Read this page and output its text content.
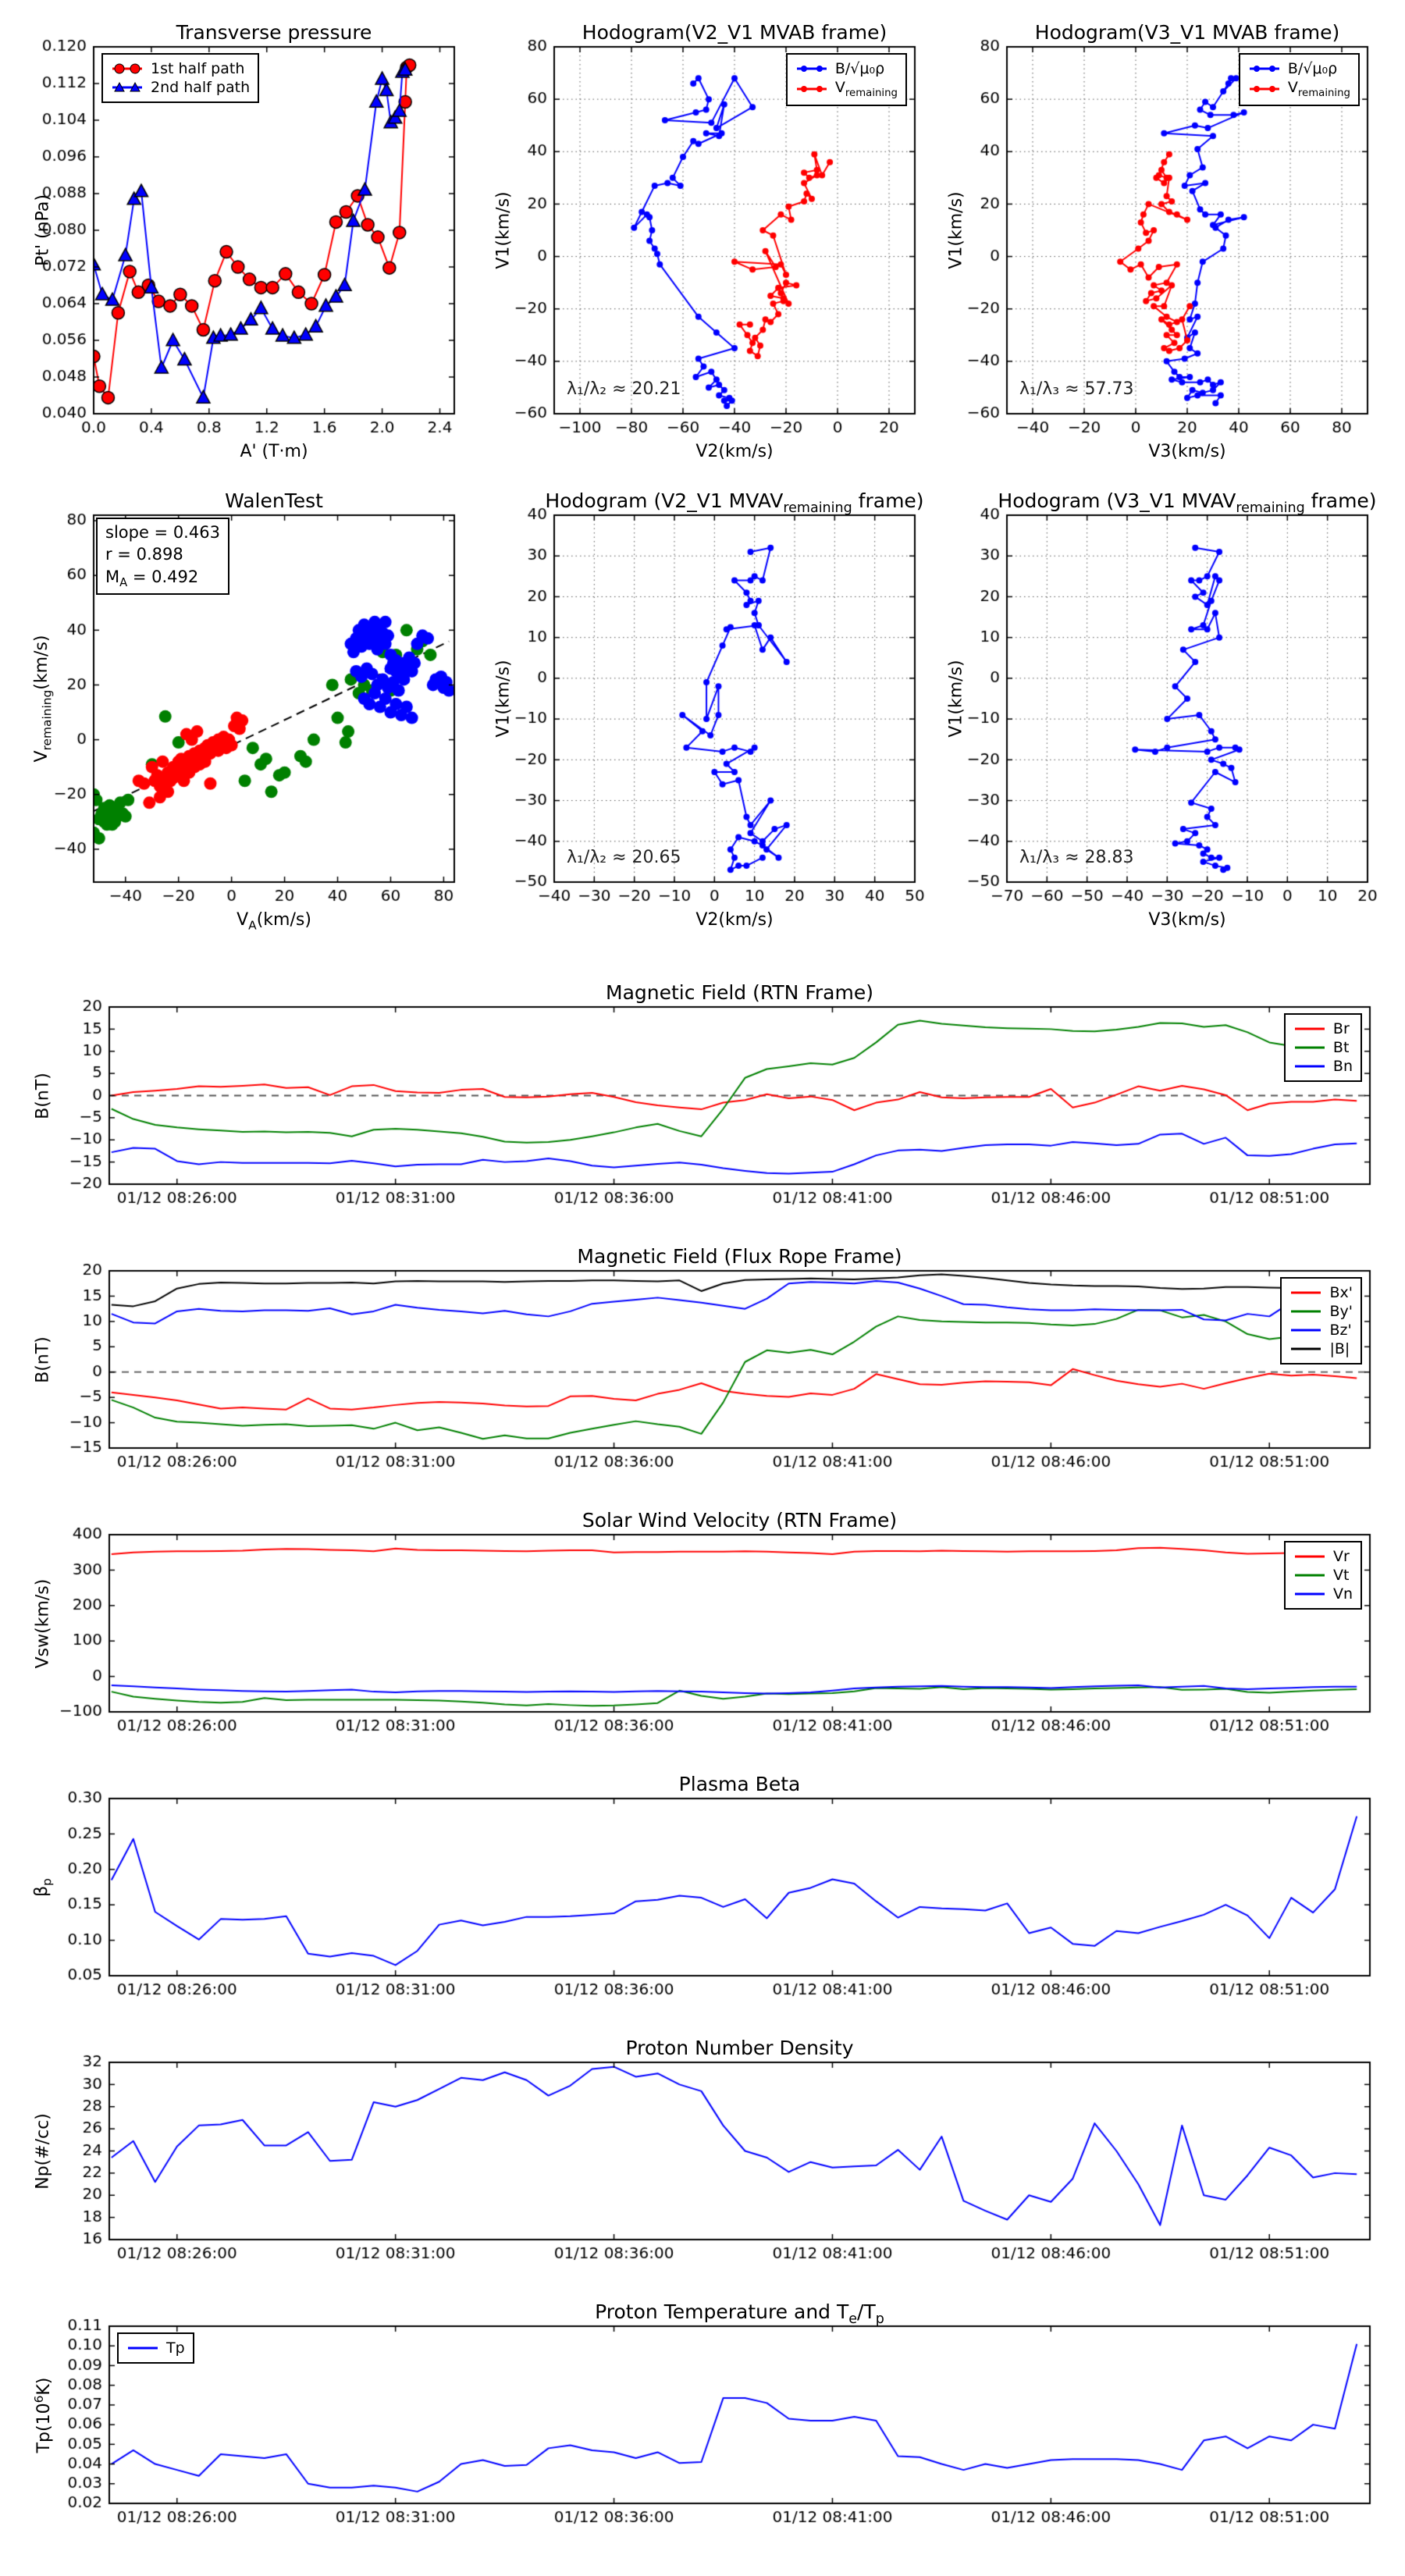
Transverse pressure
Pt' (nPa)
A' (T·m)
1st half path
2nd half path
Hodogram(V2_V1 MVAB frame)
V1(km/s)
V2(km/s)
λ₁/λ₂ ≈ 20.21
B/√μ₀ρ
$V_{remaining}$
Hodogram(V3_V1 MVAB frame)
V1(km/s)
V3(km/s)
λ₁/λ₃ ≈ 57.73
B/√μ₀ρ
$V_{remaining}$
WalenTest
$V_{remaining}(km/s)$
$V_A(km/s)$
slope = 0.463
r = 0.898
$M_A = 0.492$
Hodogram (V2_V1 $MVAV_{remaining}$ frame)
V1(km/s)
V2(km/s)
λ₁/λ₂ ≈ 20.65
Hodogram (V3_V1 $MVAV_{remaining}$ frame)
V1(km/s)
V3(km/s)
λ₁/λ₃ ≈ 28.83
Magnetic Field (RTN Frame)
B(nT)
Br
Bt
Bn
Magnetic Field (Flux Rope Frame)
B(nT)
Bx'
By'
Bz'
|B|
Solar Wind Velocity (RTN Frame)
Vsw(km/s)
Vr
Vt
Vn
Plasma Beta
$\beta_p$
Proton Number Density
Np(#/cc)
Proton Temperature and $T_e/T_p$
$Tp(10^6K)$
Tp
